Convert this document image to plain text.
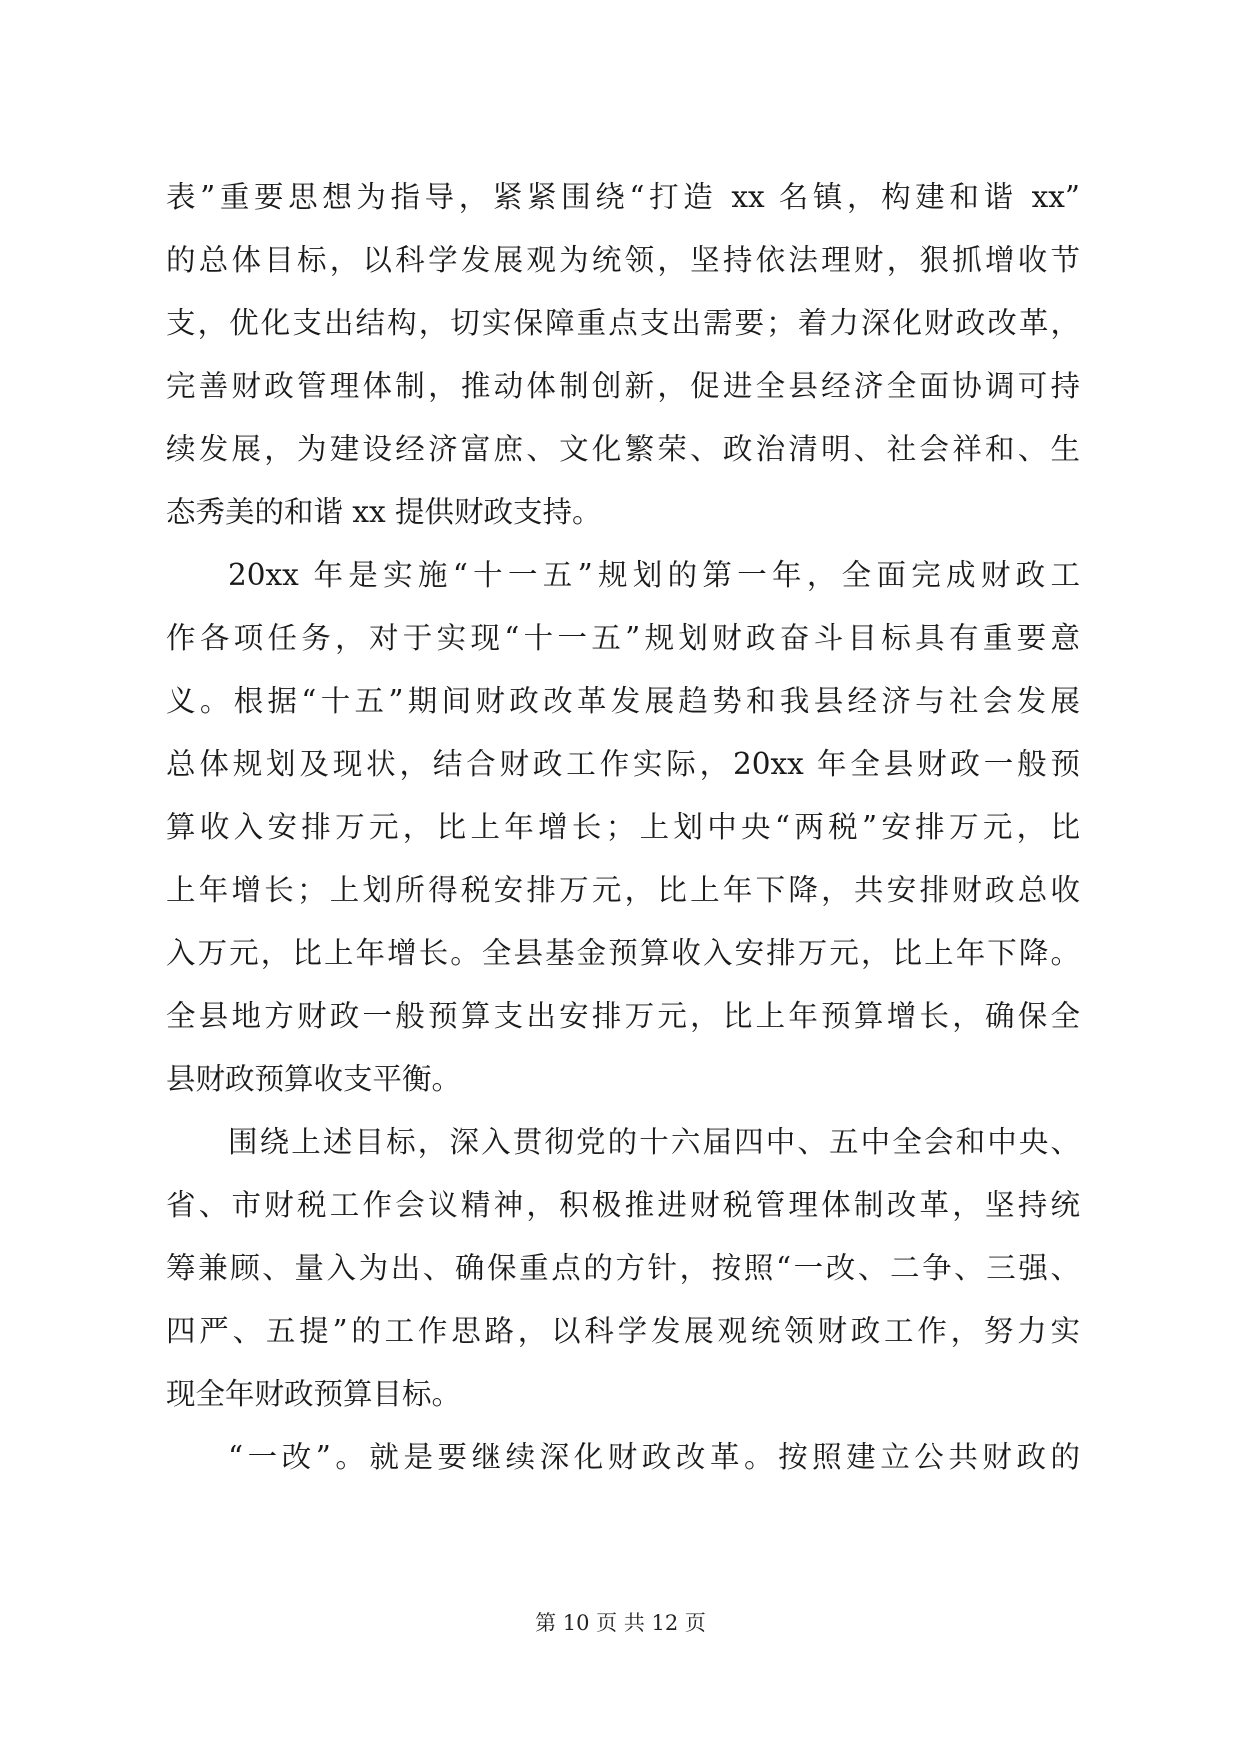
表”重要思想为指导，紧紧围绕“打造 xx 名镇，构建和谐 xx”
的总体目标，以科学发展观为统领，坚持依法理财，狠抓增收节
支，优化支出结构，切实保障重点支出需要；着力深化财政改革，
完善财政管理体制，推动体制创新，促进全县经济全面协调可持
续发展，为建设经济富庶、文化繁荣、政治清明、社会祥和、生
态秀美的和谐 xx 提供财政支持。
20xx 年是实施“十一五”规划的第一年，全面完成财政工
作各项任务，对于实现“十一五”规划财政奋斗目标具有重要意
义。根据“十五”期间财政改革发展趋势和我县经济与社会发展
总体规划及现状，结合财政工作实际，20xx 年全县财政一般预
算收入安排万元，比上年增长；上划中央“两税”安排万元，比
上年增长；上划所得税安排万元，比上年下降，共安排财政总收
入万元，比上年增长。全县基金预算收入安排万元，比上年下降。
全县地方财政一般预算支出安排万元，比上年预算增长，确保全
县财政预算收支平衡。
围绕上述目标，深入贯彻党的十六届四中、五中全会和中央、
省、市财税工作会议精神，积极推进财税管理体制改革，坚持统
筹兼顾、量入为出、确保重点的方针，按照“一改、二争、三强、
四严、五提”的工作思路，以科学发展观统领财政工作，努力实
现全年财政预算目标。
“一改”。就是要继续深化财政改革。按照建立公共财政的
第 10 页 共 12 页
